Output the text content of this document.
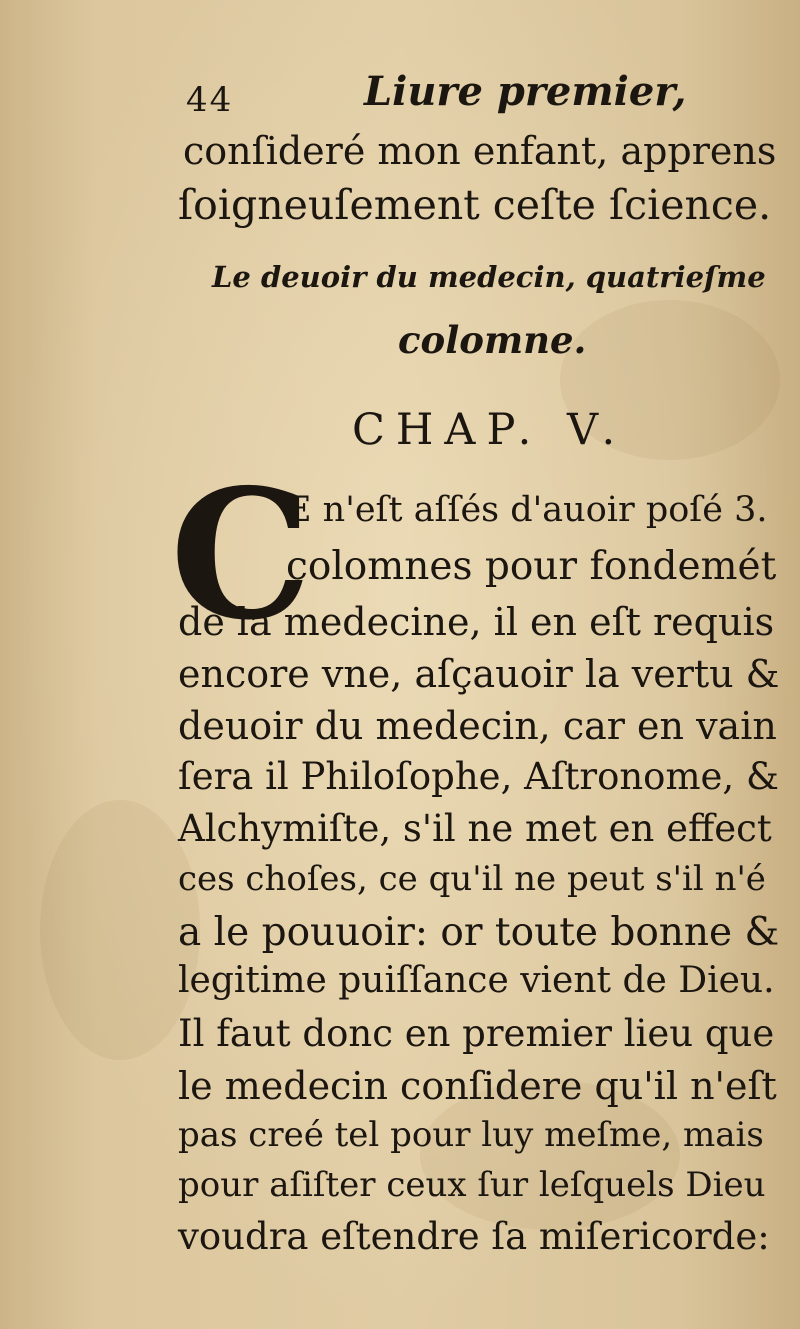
44	Liure premier,
conſideré mon enfant, apprens
ſoigneuſement ceſte ſcience.
Le deuoir du medecin, quatrieſme
colomne.
CHAP. V.
C
E n'eſt aſſés d'auoir poſé 3.
colomnes pour fondemét
de la medecine, il en eſt requis
encore vne, aſçauoir la vertu &
deuoir du medecin, car en vain
ſera il Philoſophe, Aſtronome, &
Alchymiſte, s'il ne met en effect
ces choſes, ce qu'il ne peut s'il n'é
a le pouuoir: or toute bonne &
legitime puiſſance vient de Dieu.
Il faut donc en premier lieu que
le medecin conſidere qu'il n'eſt
pas creé tel pour luy meſme, mais
pour aſiſter ceux ſur leſquels Dieu
voudra eſtendre ſa miſericorde:
